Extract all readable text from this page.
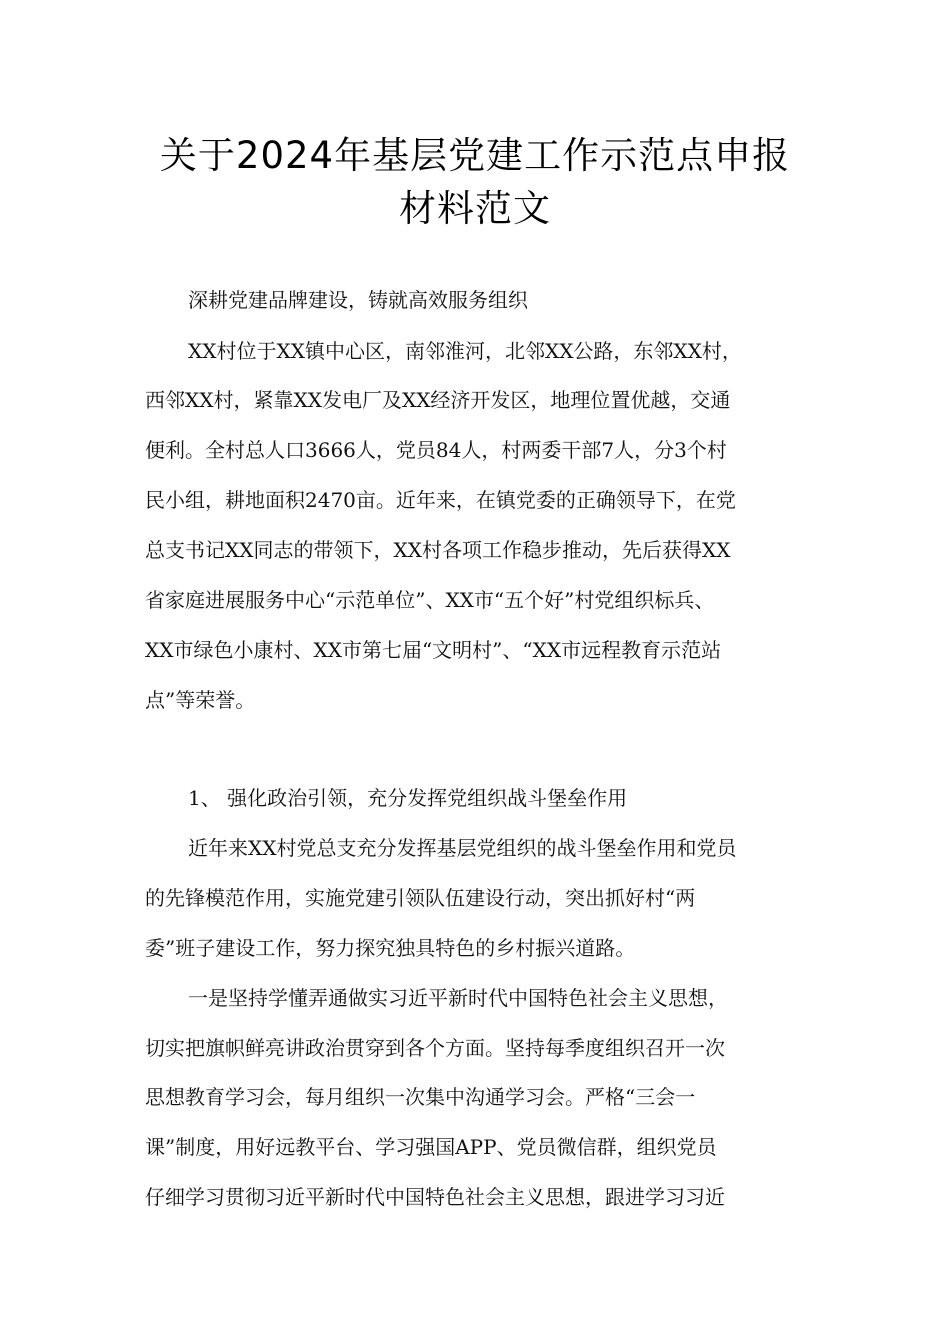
关于2024年基层党建工作示范点申报
材料范文
深耕党建品牌建设，铸就高效服务组织
XX村位于XX镇中心区，南邻淮河，北邻XX公路，东邻XX村，
西邻XX村，紧靠XX发电厂及XX经济开发区，地理位置优越，交通
便利。全村总人口3666人，党员84人，村两委干部7人，分3个村
民小组，耕地面积2470亩。近年来，在镇党委的正确领导下，在党
总支书记XX同志的带领下，XX村各项工作稳步推动，先后获得XX
省家庭进展服务中心“示范单位”、XX市“五个好”村党组织标兵、
XX市绿色小康村、XX市第七届“文明村”、“XX市远程教育示范站
点”等荣誉。
1、 强化政治引领，充分发挥党组织战斗堡垒作用
近年来XX村党总支充分发挥基层党组织的战斗堡垒作用和党员
的先锋模范作用，实施党建引领队伍建设行动，突出抓好村“两
委”班子建设工作，努力探究独具特色的乡村振兴道路。
一是坚持学懂弄通做实习近平新时代中国特色社会主义思想，
切实把旗帜鲜亮讲政治贯穿到各个方面。坚持每季度组织召开一次
思想教育学习会，每月组织一次集中沟通学习会。严格“三会一
课”制度，用好远教平台、学习强国APP、党员微信群，组织党员
仔细学习贯彻习近平新时代中国特色社会主义思想，跟进学习习近
